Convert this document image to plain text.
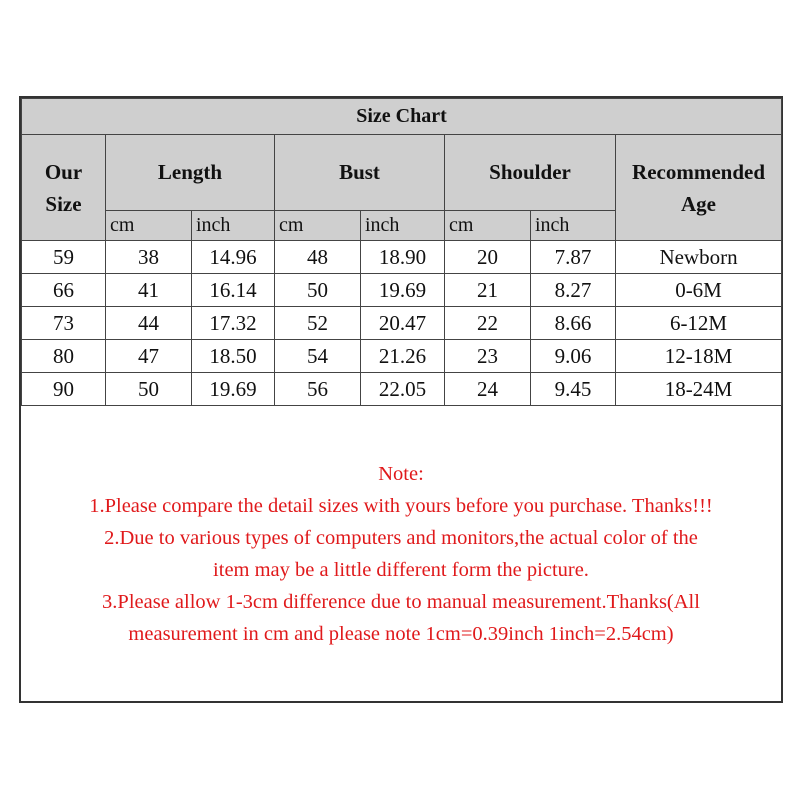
Size Chart							
Our
Size	Length		Bust		Shoulder		Recommended
Age
	cm	inch	cm	inch	cm	inch	
59	38	14.96	48	18.90	20	7.87	Newborn
66	41	16.14	50	19.69	21	8.27	0-6M
73	44	17.32	52	20.47	22	8.66	6-12M
80	47	18.50	54	21.26	23	9.06	12-18M
90	50	19.69	56	22.05	24	9.45	18-24M
Note:
1.Please compare the detail sizes with yours before you purchase. Thanks!!!
2.Due to various types of computers and monitors,the actual color of the
item may be a little different form the picture.
3.Please allow 1-3cm difference due to manual measurement.Thanks(All
measurement in cm and please note 1cm=0.39inch 1inch=2.54cm)
